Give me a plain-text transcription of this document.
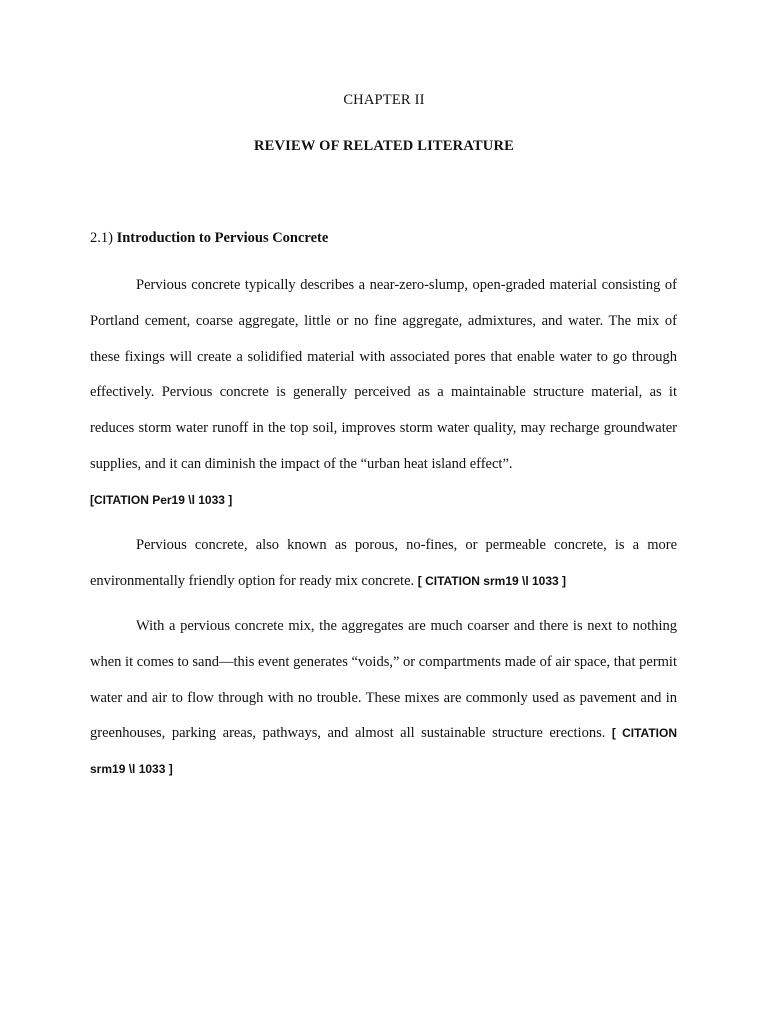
CHAPTER II
REVIEW OF RELATED LITERATURE
2.1) Introduction to Pervious Concrete

Pervious concrete typically describes a near-zero-slump, open-graded material consisting of Portland cement, coarse aggregate, little or no fine aggregate, admixtures, and water. The mix of these fixings will create a solidified material with associated pores that enable water to go through effectively. Pervious concrete is generally perceived as a maintainable structure material, as it reduces storm water runoff in the top soil, improves storm water quality, may recharge groundwater supplies, and it can diminish the impact of the “urban heat island effect”.
[CITATION Per19 \l 1033 ]

Pervious concrete, also known as porous, no-fines, or permeable concrete, is a more environmentally friendly option for ready mix concrete. [ CITATION srm19 \l 1033 ]

With a pervious concrete mix, the aggregates are much coarser and there is next to nothing when it comes to sand—this event generates “voids,” or compartments made of air space, that permit water and air to flow through with no trouble. These mixes are commonly used as pavement and in greenhouses, parking areas, pathways, and almost all sustainable structure erections. [ CITATION srm19 \l 1033 ]
